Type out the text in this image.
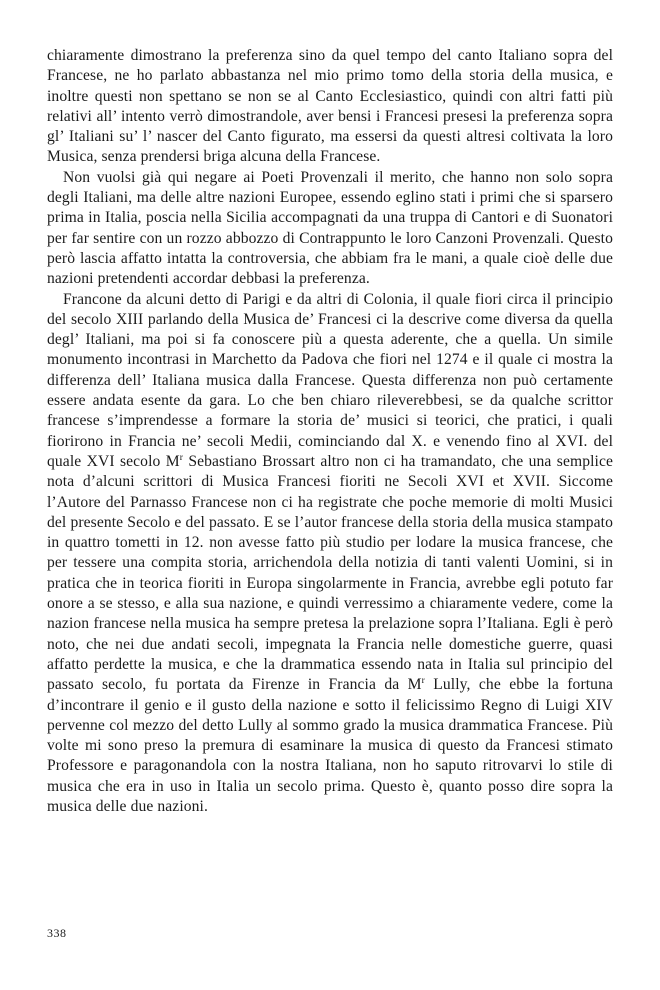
chiaramente dimostrano la preferenza sino da quel tempo del canto Italiano sopra del Francese, ne ho parlato abbastanza nel mio primo tomo della storia della musica, e inoltre questi non spettano se non se al Canto Ecclesiastico, quindi con altri fatti più relativi all’ intento verrò dimostrandole, aver bensi i Francesi presesi la preferenza sopra gl’ Italiani su’ l’ nascer del Canto figurato, ma essersi da questi altresi coltivata la loro Musica, senza prendersi briga alcuna della Francese.

Non vuolsi già qui negare ai Poeti Provenzali il merito, che hanno non solo sopra degli Italiani, ma delle altre nazioni Europee, essendo eglino stati i primi che si sparsero prima in Italia, poscia nella Sicilia accompagnati da una truppa di Cantori e di Suonatori per far sentire con un rozzo abbozzo di Contrappunto le loro Canzoni Provenzali. Questo però lascia affatto intatta la controversia, che abbiam fra le mani, a quale cioè delle due nazioni pretendenti accordar debbasi la preferenza.

Francone da alcuni detto di Parigi e da altri di Colonia, il quale fiori circa il principio del secolo XIII parlando della Musica de’ Francesi ci la descrive come diversa da quella degl’ Italiani, ma poi si fa conoscere più a questa aderente, che a quella. Un simile monumento incontrasi in Marchetto da Padova che fiori nel 1274 e il quale ci mostra la differenza dell’ Italiana musica dalla Francese. Questa differenza non può certamente essere andata esente da gara. Lo che ben chiaro rileverebbesi, se da qualche scrittor francese s’imprendesse a formare la storia de’ musici si teorici, che pratici, i quali fiorirono in Francia ne’ secoli Medii, cominciando dal X. e venendo fino al XVI. del quale XVI secolo $M^r$ Sebastiano Brossart altro non ci ha tramandato, che una semplice nota d’alcuni scrittori di Musica Francesi fioriti ne Secoli XVI et XVII. Siccome l’Autore del Parnasso Francese non ci ha registrate che poche memorie di molti Musici del presente Secolo e del passato. E se l’autor francese della storia della musica stampato in quattro tometti in 12. non avesse fatto più studio per lodare la musica francese, che per tessere una compita storia, arrichendola della notizia di tanti valenti Uomini, si in pratica che in teorica fioriti in Europa singolarmente in Francia, avrebbe egli potuto far onore a se stesso, e alla sua nazione, e quindi verressimo a chiaramente vedere, come la nazion francese nella musica ha sempre pretesa la prelazione sopra l’Italiana. Egli è però noto, che nei due andati secoli, impegnata la Francia nelle domestiche guerre, quasi affatto perdette la musica, e che la drammatica essendo nata in Italia sul principio del passato secolo, fu portata da Firenze in Francia da $M^r$ Lully, che ebbe la fortuna d’incontrare il genio e il gusto della nazione e sotto il felicissimo Regno di Luigi XIV pervenne col mezzo del detto Lully al sommo grado la musica drammatica Francese. Più volte mi sono preso la premura di esaminare la musica di questo da Francesi stimato Professore e paragonandola con la nostra Italiana, non ho saputo ritrovarvi lo stile di musica che era in uso in Italia un secolo prima. Questo è, quanto posso dire sopra la musica delle due nazioni.

338
